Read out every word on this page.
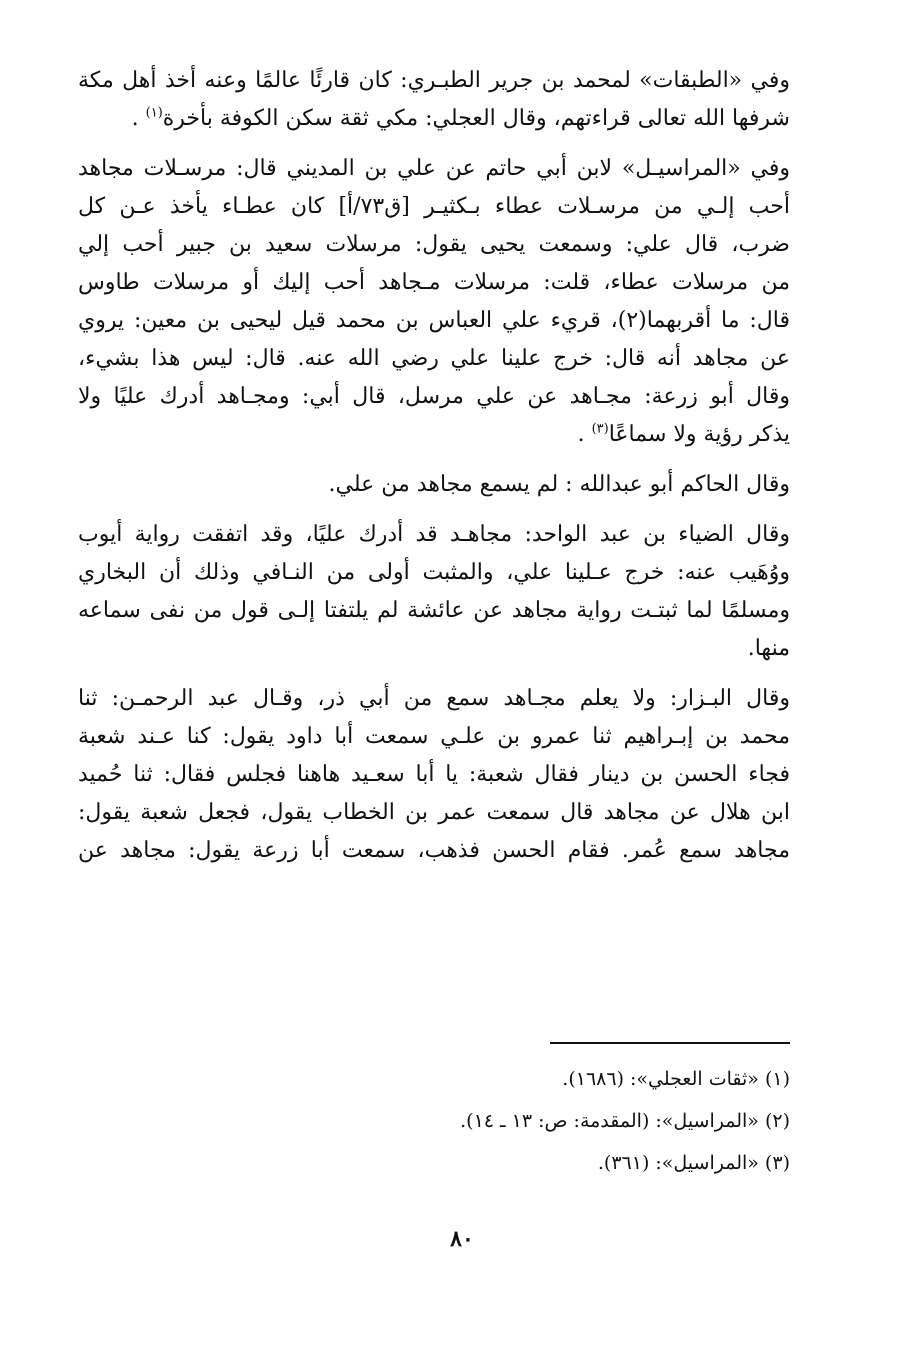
وفي «الطبقات» لمحمد بن جرير الطبـري: كان قارئًا عالمًا وعنه أخذ أهل مكة
شرفها الله تعالى قراءتهم، وقال العجلي: مكي ثقة سكن الكوفة بأخرة$^{(١)}$ .

وفي «المراسيـل» لابن أبي حاتم عن علي بن المديني قال: مرسـلات مجاهد
أحب إلـي من مرسـلات عطاء بـكثيـر [ق٧٣/أ] كان عطـاء يأخذ عـن كل
ضرب، قال علي: وسمعت يحيى يقول: مرسلات سعيد بن جبير أحب إلي
من مرسلات عطاء، قلت: مرسلات مـجاهد أحب إليك أو مرسلات طاوس
قال: ما أقربهما(٢)، قريء علي العباس بن محمد قيل ليحيى بن معين: يروي
عن مجاهد أنه قال: خرج علينا علي رضي الله عنه. قال: ليس هذا بشيء،
وقال أبو زرعة: مجـاهد عن علي مرسل، قال أبي: ومجـاهد أدرك عليًا ولا
يذكر رؤية ولا سماعًا$^{(٣)}$ .

وقال الحاكم أبو عبدالله : لم يسمع مجاهد من علي.

وقال الضياء بن عبد الواحد: مجاهـد قد أدرك عليًا، وقد اتفقت رواية أيوب
ووُهَيب عنه: خرج عـلينا علي، والمثبت أولى من النـافي وذلك أن البخاري
ومسلمًا لما ثبتـت رواية مجاهد عن عائشة لم يلتفتا إلـى قول من نفى سماعه
منها.

وقال البـزار: ولا يعلم مجـاهد سمع من أبي ذر، وقـال عبد الرحمـن: ثنا
محمد بن إبـراهيم ثنا عمرو بن علـي سمعت أبا داود يقول: كنا عـند شعبة
فجاء الحسن بن دينار فقال شعبة: يا أبا سعـيد هاهنا فجلس فقال: ثنا حُميد
ابن هلال عن مجاهد قال سمعت عمر بن الخطاب يقول، فجعل شعبة يقول:
مجاهد سمع عُمر. فقام الحسن فذهب، سمعت أبا زرعة يقول: مجاهد عن

(١) «ثقات العجلي»: (١٦٨٦).
(٢) «المراسيل»: (المقدمة: ص: ١٣ ـ ١٤).
(٣) «المراسيل»: (٣٦١).
٨٠
